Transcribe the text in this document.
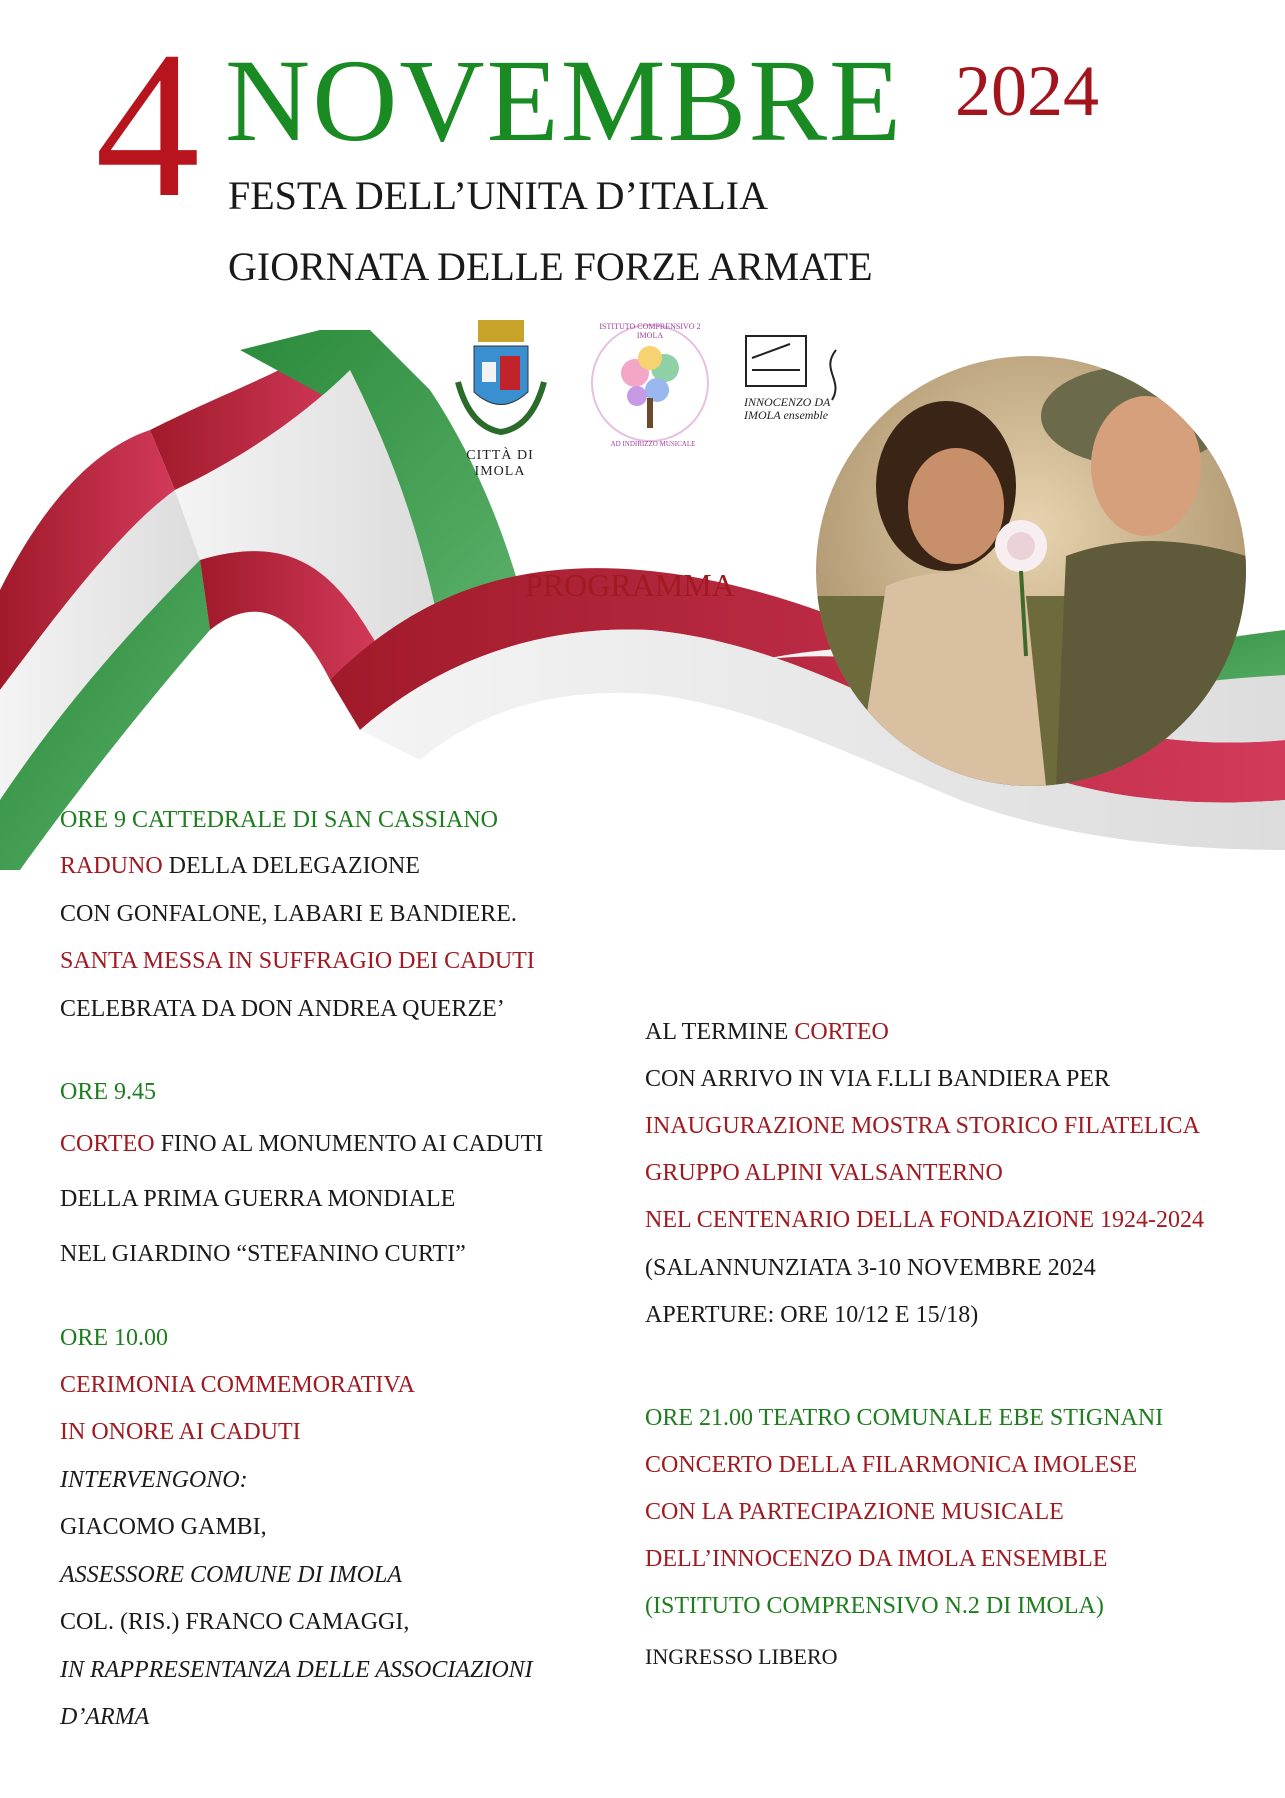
4 NOVEMBRE 2024
FESTA DELL’UNITA D’ITALIA
GIORNATA DELLE FORZE ARMATE
CITTÀ DI IMOLA
ISTITUTO COMPRENSIVO 2 IMOLA
AD INDIRIZZO MUSICALE
INNOCENZO DA IMOLA ensemble
PROGRAMMA
ORE 9 CATTEDRALE DI SAN CASSIANO
RADUNO DELLA DELEGAZIONE
CON GONFALONE, LABARI E BANDIERE.
SANTA MESSA IN SUFFRAGIO DEI CADUTI
CELEBRATA DA DON ANDREA QUERZE’
ORE 9.45
CORTEO FINO AL MONUMENTO AI CADUTI
DELLA PRIMA GUERRA MONDIALE
NEL GIARDINO “STEFANINO CURTI”
ORE 10.00
CERIMONIA COMMEMORATIVA
IN ONORE AI CADUTI
INTERVENGONO:
GIACOMO GAMBI,
ASSESSORE COMUNE DI IMOLA
COL. (RIS.) FRANCO CAMAGGI,
IN RAPPRESENTANZA DELLE ASSOCIAZIONI
D’ARMA
AL TERMINE CORTEO
CON ARRIVO IN VIA F.LLI BANDIERA PER
INAUGURAZIONE MOSTRA STORICO FILATELICA
GRUPPO ALPINI VALSANTERNO
NEL CENTENARIO DELLA FONDAZIONE 1924-2024
(SALANNUNZIATA 3-10 NOVEMBRE 2024
APERTURE: ORE 10/12 E 15/18)
ORE 21.00 TEATRO COMUNALE EBE STIGNANI
CONCERTO DELLA FILARMONICA IMOLESE
CON LA PARTECIPAZIONE MUSICALE
DELL’INNOCENZO DA IMOLA ENSEMBLE
(ISTITUTO COMPRENSIVO N.2 DI IMOLA)
INGRESSO LIBERO
